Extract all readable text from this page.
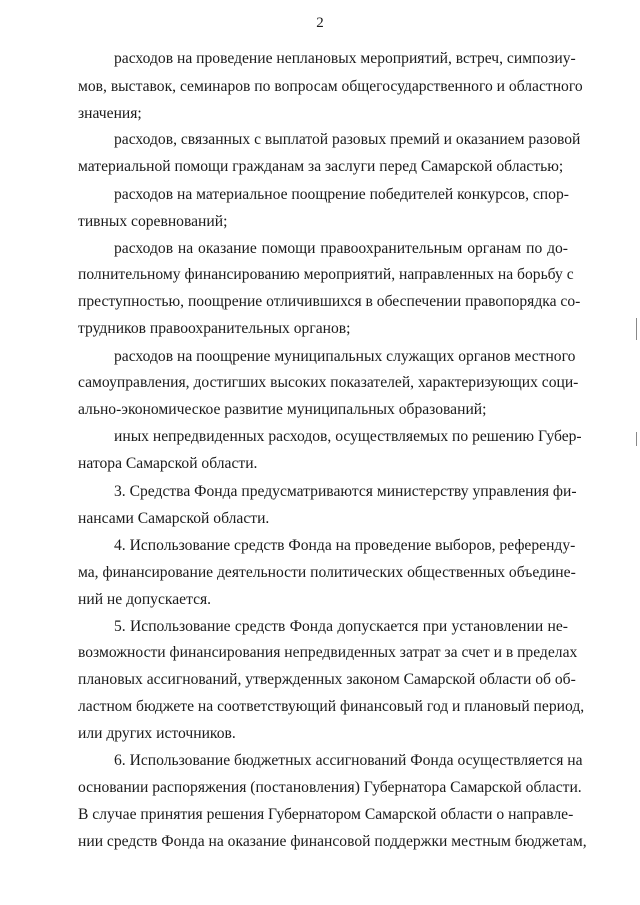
2
расходов на проведение неплановых мероприятий, встреч, симпозиу-
мов, выставок, семинаров по вопросам общегосударственного и областного
значения;
расходов, связанных с выплатой разовых премий и оказанием разовой
материальной помощи гражданам за заслуги перед Самарской областью;
расходов на материальное поощрение победителей конкурсов, спор-
тивных соревнований;
расходов на оказание помощи правоохранительным органам по до-
полнительному финансированию мероприятий, направленных на борьбу с
преступностью, поощрение отличившихся в обеспечении правопорядка со-
трудников правоохранительных органов;
расходов на поощрение муниципальных служащих органов местного
самоуправления, достигших высоких показателей, характеризующих соци-
ально-экономическое развитие муниципальных образований;
иных непредвиденных расходов, осуществляемых по решению Губер-
натора Самарской области.
3. Средства Фонда предусматриваются министерству управления фи-
нансами Самарской области.
4. Использование средств Фонда на проведение выборов, референду-
ма, финансирование деятельности политических общественных объедине-
ний не допускается.
5. Использование средств Фонда допускается при установлении не-
возможности финансирования непредвиденных затрат за счет и в пределах
плановых ассигнований, утвержденных законом Самарской области об об-
ластном бюджете на соответствующий финансовый год и плановый период,
или других источников.
6. Использование бюджетных ассигнований Фонда осуществляется на
основании распоряжения (постановления) Губернатора Самарской области.
В случае принятия решения Губернатором Самарской области о направле-
нии средств Фонда на оказание финансовой поддержки местным бюджетам,
